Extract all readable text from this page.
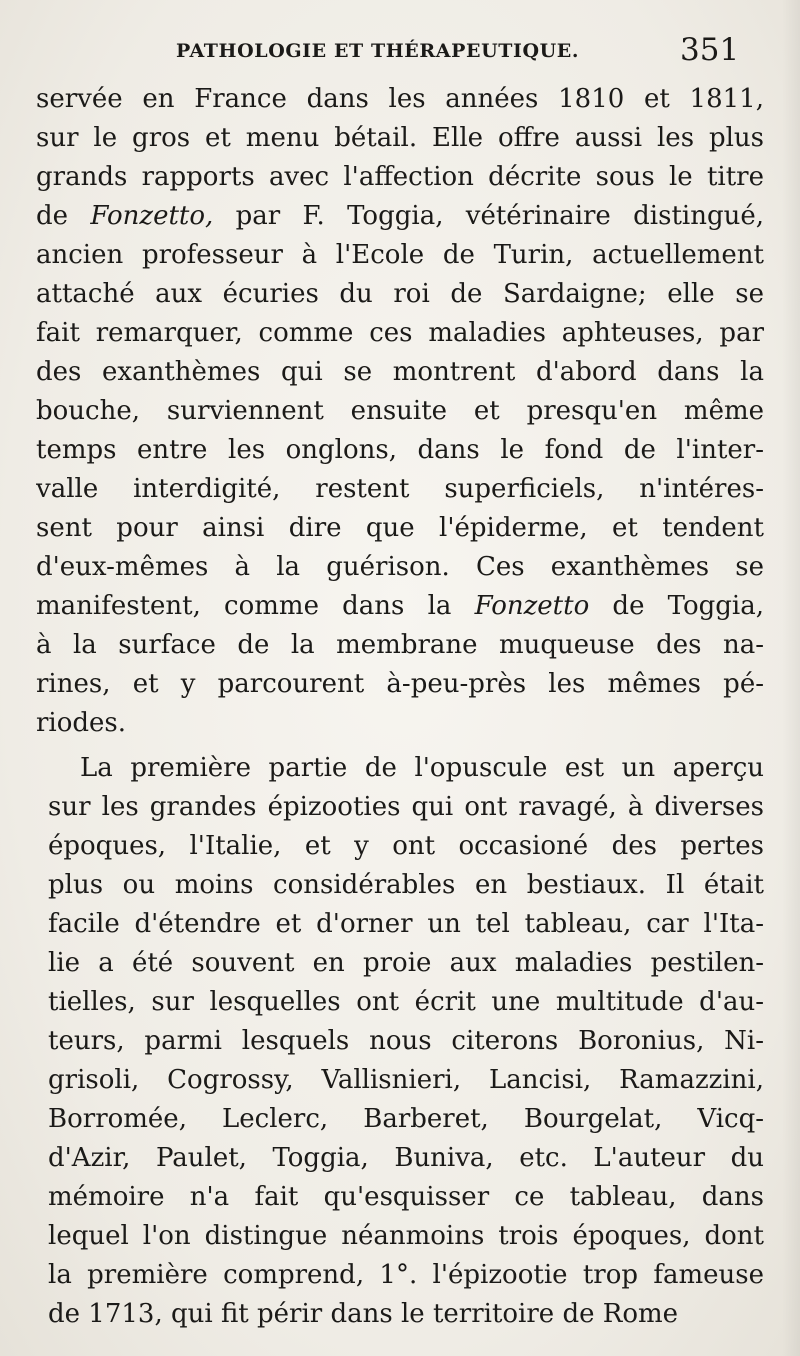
PATHOLOGIE ET THÉRAPEUTIQUE.	351
servée en France dans les années 1810 et 1811,
sur le gros et menu bétail. Elle offre aussi les plus
grands rapports avec l'affection décrite sous le titre
de Fonzetto, par F. Toggia, vétérinaire distingué,
ancien professeur à l'Ecole de Turin, actuellement
attaché aux écuries du roi de Sardaigne; elle se
fait remarquer, comme ces maladies aphteuses, par
des exanthèmes qui se montrent d'abord dans la
bouche, surviennent ensuite et presqu'en même
temps entre les onglons, dans le fond de l'inter-
valle interdigité, restent superficiels, n'intéres-
sent pour ainsi dire que l'épiderme, et tendent
d'eux-mêmes à la guérison. Ces exanthèmes se
manifestent, comme dans la Fonzetto de Toggia,
à la surface de la membrane muqueuse des na-
rines, et y parcourent à-peu-près les mêmes pé-
riodes.
La première partie de l'opuscule est un aperçu
sur les grandes épizooties qui ont ravagé, à diverses
époques, l'Italie, et y ont occasioné des pertes
plus ou moins considérables en bestiaux. Il était
facile d'étendre et d'orner un tel tableau, car l'Ita-
lie a été souvent en proie aux maladies pestilen-
tielles, sur lesquelles ont écrit une multitude d'au-
teurs, parmi lesquels nous citerons Boronius, Ni-
grisoli, Cogrossy, Vallisnieri, Lancisi, Ramazzini,
Borromée, Leclerc, Barberet, Bourgelat, Vicq-
d'Azir, Paulet, Toggia, Buniva, etc. L'auteur du
mémoire n'a fait qu'esquisser ce tableau, dans
lequel l'on distingue néanmoins trois époques, dont
la première comprend, 1°. l'épizootie trop fameuse
de 1713, qui fit périr dans le territoire de Rome
